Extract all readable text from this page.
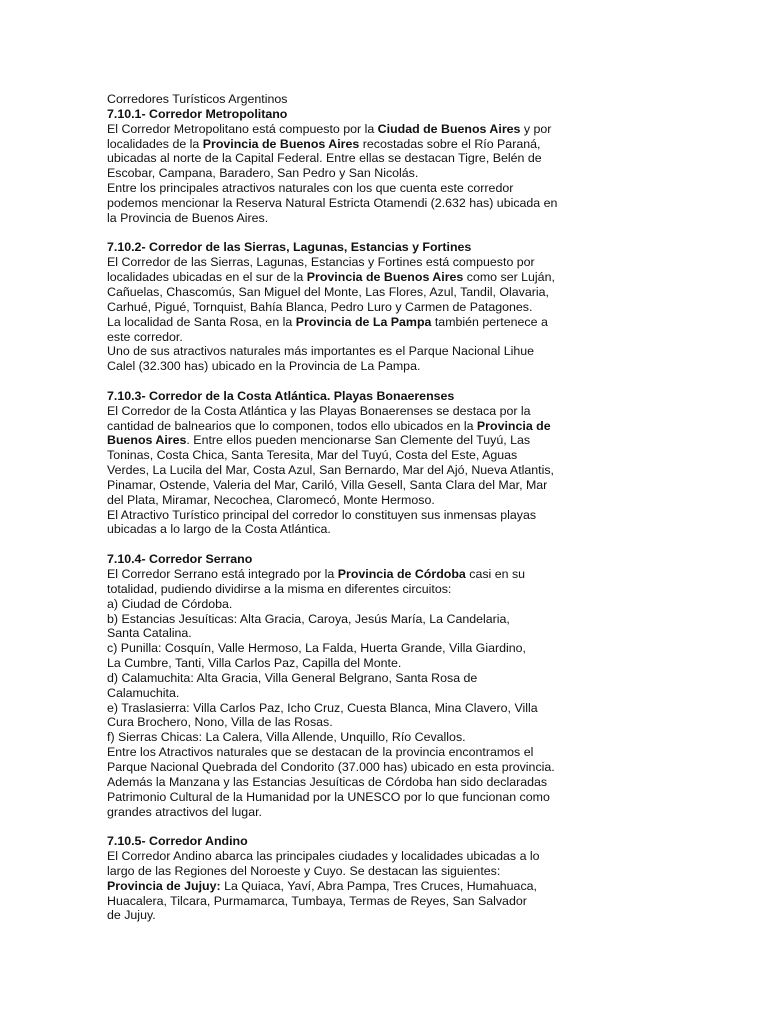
Corredores Turísticos Argentinos
7.10.1- Corredor Metropolitano
El Corredor Metropolitano está compuesto por la Ciudad de Buenos Aires y por
localidades de la Provincia de Buenos Aires recostadas sobre el Río Paraná,
ubicadas al norte de la Capital Federal. Entre ellas se destacan Tigre, Belén de
Escobar, Campana, Baradero, San Pedro y San Nicolás.
Entre los principales atractivos naturales con los que cuenta este corredor
podemos mencionar la Reserva Natural Estricta Otamendi (2.632 has) ubicada en
la Provincia de Buenos Aires.
7.10.2- Corredor de las Sierras, Lagunas, Estancias y Fortines
El Corredor de las Sierras, Lagunas, Estancias y Fortines está compuesto por
localidades ubicadas en el sur de la Provincia de Buenos Aires como ser Luján,
Cañuelas, Chascomús, San Miguel del Monte, Las Flores, Azul, Tandil, Olavaria,
Carhué, Pigué, Tornquist, Bahía Blanca, Pedro Luro y Carmen de Patagones.
La localidad de Santa Rosa, en la Provincia de La Pampa también pertenece a
este corredor.
Uno de sus atractivos naturales más importantes es el Parque Nacional Lihue
Calel (32.300 has) ubicado en la Provincia de La Pampa.
7.10.3- Corredor de la Costa Atlántica. Playas Bonaerenses
El Corredor de la Costa Atlántica y las Playas Bonaerenses se destaca por la
cantidad de balnearios que lo componen, todos ello ubicados en la Provincia de
Buenos Aires. Entre ellos pueden mencionarse San Clemente del Tuyú, Las
Toninas, Costa Chica, Santa Teresita, Mar del Tuyú, Costa del Este, Aguas
Verdes, La Lucila del Mar, Costa Azul, San Bernardo, Mar del Ajó, Nueva Atlantis,
Pinamar, Ostende, Valeria del Mar, Cariló, Villa Gesell, Santa Clara del Mar, Mar
del Plata, Miramar, Necochea, Claromecó, Monte Hermoso.
El Atractivo Turístico principal del corredor lo constituyen sus inmensas playas
ubicadas a lo largo de la Costa Atlántica.
7.10.4- Corredor Serrano
El Corredor Serrano está integrado por la Provincia de Córdoba casi en su
totalidad, pudiendo dividirse a la misma en diferentes circuitos:
a) Ciudad de Córdoba.
b) Estancias Jesuíticas: Alta Gracia, Caroya, Jesús María, La Candelaria,
Santa Catalina.
c) Punilla: Cosquín, Valle Hermoso, La Falda, Huerta Grande, Villa Giardino,
La Cumbre, Tanti, Villa Carlos Paz, Capilla del Monte.
d) Calamuchita: Alta Gracia, Villa General Belgrano, Santa Rosa de
Calamuchita.
e) Traslasierra: Villa Carlos Paz, Icho Cruz, Cuesta Blanca, Mina Clavero, Villa
Cura Brochero, Nono, Villa de las Rosas.
f) Sierras Chicas: La Calera, Villa Allende, Unquillo, Río Cevallos.
Entre los Atractivos naturales que se destacan de la provincia encontramos el
Parque Nacional Quebrada del Condorito (37.000 has) ubicado en esta provincia.
Además la Manzana y las Estancias Jesuíticas de Córdoba han sido declaradas
Patrimonio Cultural de la Humanidad por la UNESCO por lo que funcionan como
grandes atractivos del lugar.
7.10.5- Corredor Andino
El Corredor Andino abarca las principales ciudades y localidades ubicadas a lo
largo de las Regiones del Noroeste y Cuyo. Se destacan las siguientes:
Provincia de Jujuy: La Quiaca, Yaví, Abra Pampa, Tres Cruces, Humahuaca,
Huacalera, Tilcara, Purmamarca, Tumbaya, Termas de Reyes, San Salvador
de Jujuy.
